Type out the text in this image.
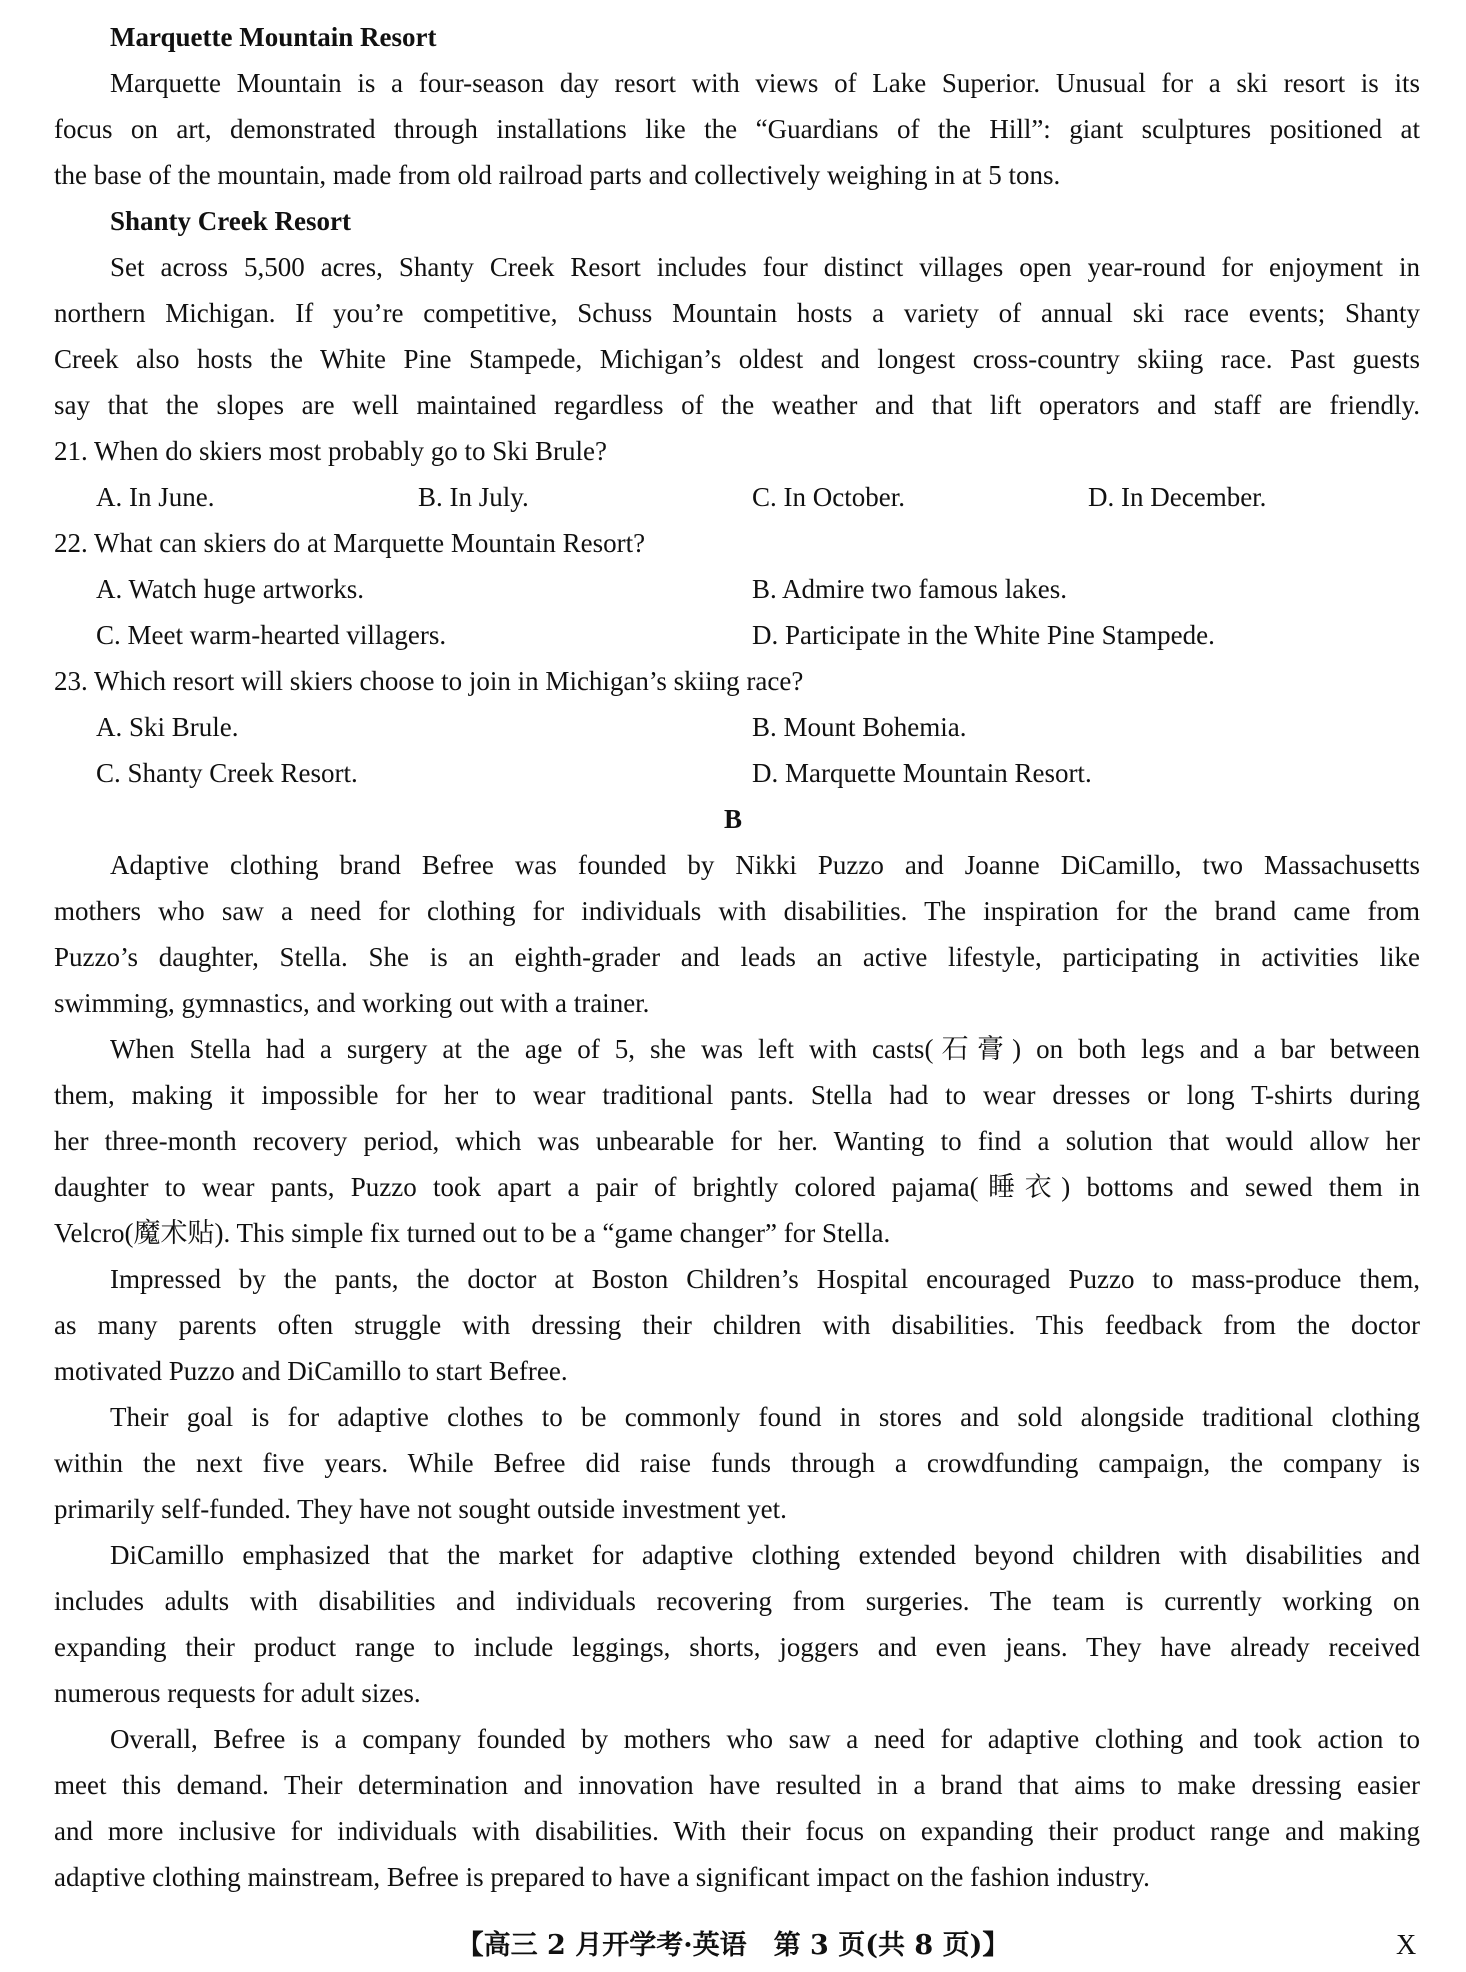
Marquette Mountain Resort
Marquette Mountain is a four-season day resort with views of Lake Superior. Unusual for a ski resort is its
focus on art, demonstrated through installations like the “Guardians of the Hill”: giant sculptures positioned at
the base of the mountain, made from old railroad parts and collectively weighing in at 5 tons.
Shanty Creek Resort
Set across 5,500 acres, Shanty Creek Resort includes four distinct villages open year-round for enjoyment in
northern Michigan. If you’re competitive, Schuss Mountain hosts a variety of annual ski race events; Shanty
Creek also hosts the White Pine Stampede, Michigan’s oldest and longest cross-country skiing race. Past guests
say that the slopes are well maintained regardless of the weather and that lift operators and staff are friendly.
21. When do skiers most probably go to Ski Brule?
A. In June.	B. In July.	C. In October.	D. In December.
22. What can skiers do at Marquette Mountain Resort?
A. Watch huge artworks.	B. Admire two famous lakes.
C. Meet warm-hearted villagers.	D. Participate in the White Pine Stampede.
23. Which resort will skiers choose to join in Michigan’s skiing race?
A. Ski Brule.	B. Mount Bohemia.
C. Shanty Creek Resort.	D. Marquette Mountain Resort.
B
Adaptive clothing brand Befree was founded by Nikki Puzzo and Joanne DiCamillo, two Massachusetts
mothers who saw a need for clothing for individuals with disabilities. The inspiration for the brand came from
Puzzo’s daughter, Stella. She is an eighth-grader and leads an active lifestyle, participating in activities like
swimming, gymnastics, and working out with a trainer.
When Stella had a surgery at the age of 5, she was left with casts(石膏) on both legs and a bar between
them, making it impossible for her to wear traditional pants. Stella had to wear dresses or long T-shirts during
her three-month recovery period, which was unbearable for her. Wanting to find a solution that would allow her
daughter to wear pants, Puzzo took apart a pair of brightly colored pajama(睡衣) bottoms and sewed them in
Velcro(魔术贴). This simple fix turned out to be a “game changer” for Stella.
Impressed by the pants, the doctor at Boston Children’s Hospital encouraged Puzzo to mass-produce them,
as many parents often struggle with dressing their children with disabilities. This feedback from the doctor
motivated Puzzo and DiCamillo to start Befree.
Their goal is for adaptive clothes to be commonly found in stores and sold alongside traditional clothing
within the next five years. While Befree did raise funds through a crowdfunding campaign, the company is
primarily self-funded. They have not sought outside investment yet.
DiCamillo emphasized that the market for adaptive clothing extended beyond children with disabilities and
includes adults with disabilities and individuals recovering from surgeries. The team is currently working on
expanding their product range to include leggings, shorts, joggers and even jeans. They have already received
numerous requests for adult sizes.
Overall, Befree is a company founded by mothers who saw a need for adaptive clothing and took action to
meet this demand. Their determination and innovation have resulted in a brand that aims to make dressing easier
and more inclusive for individuals with disabilities. With their focus on expanding their product range and making
adaptive clothing mainstream, Befree is prepared to have a significant impact on the fashion industry.
【高三 2 月开学考·英语　第 3 页(共 8 页)】	X
